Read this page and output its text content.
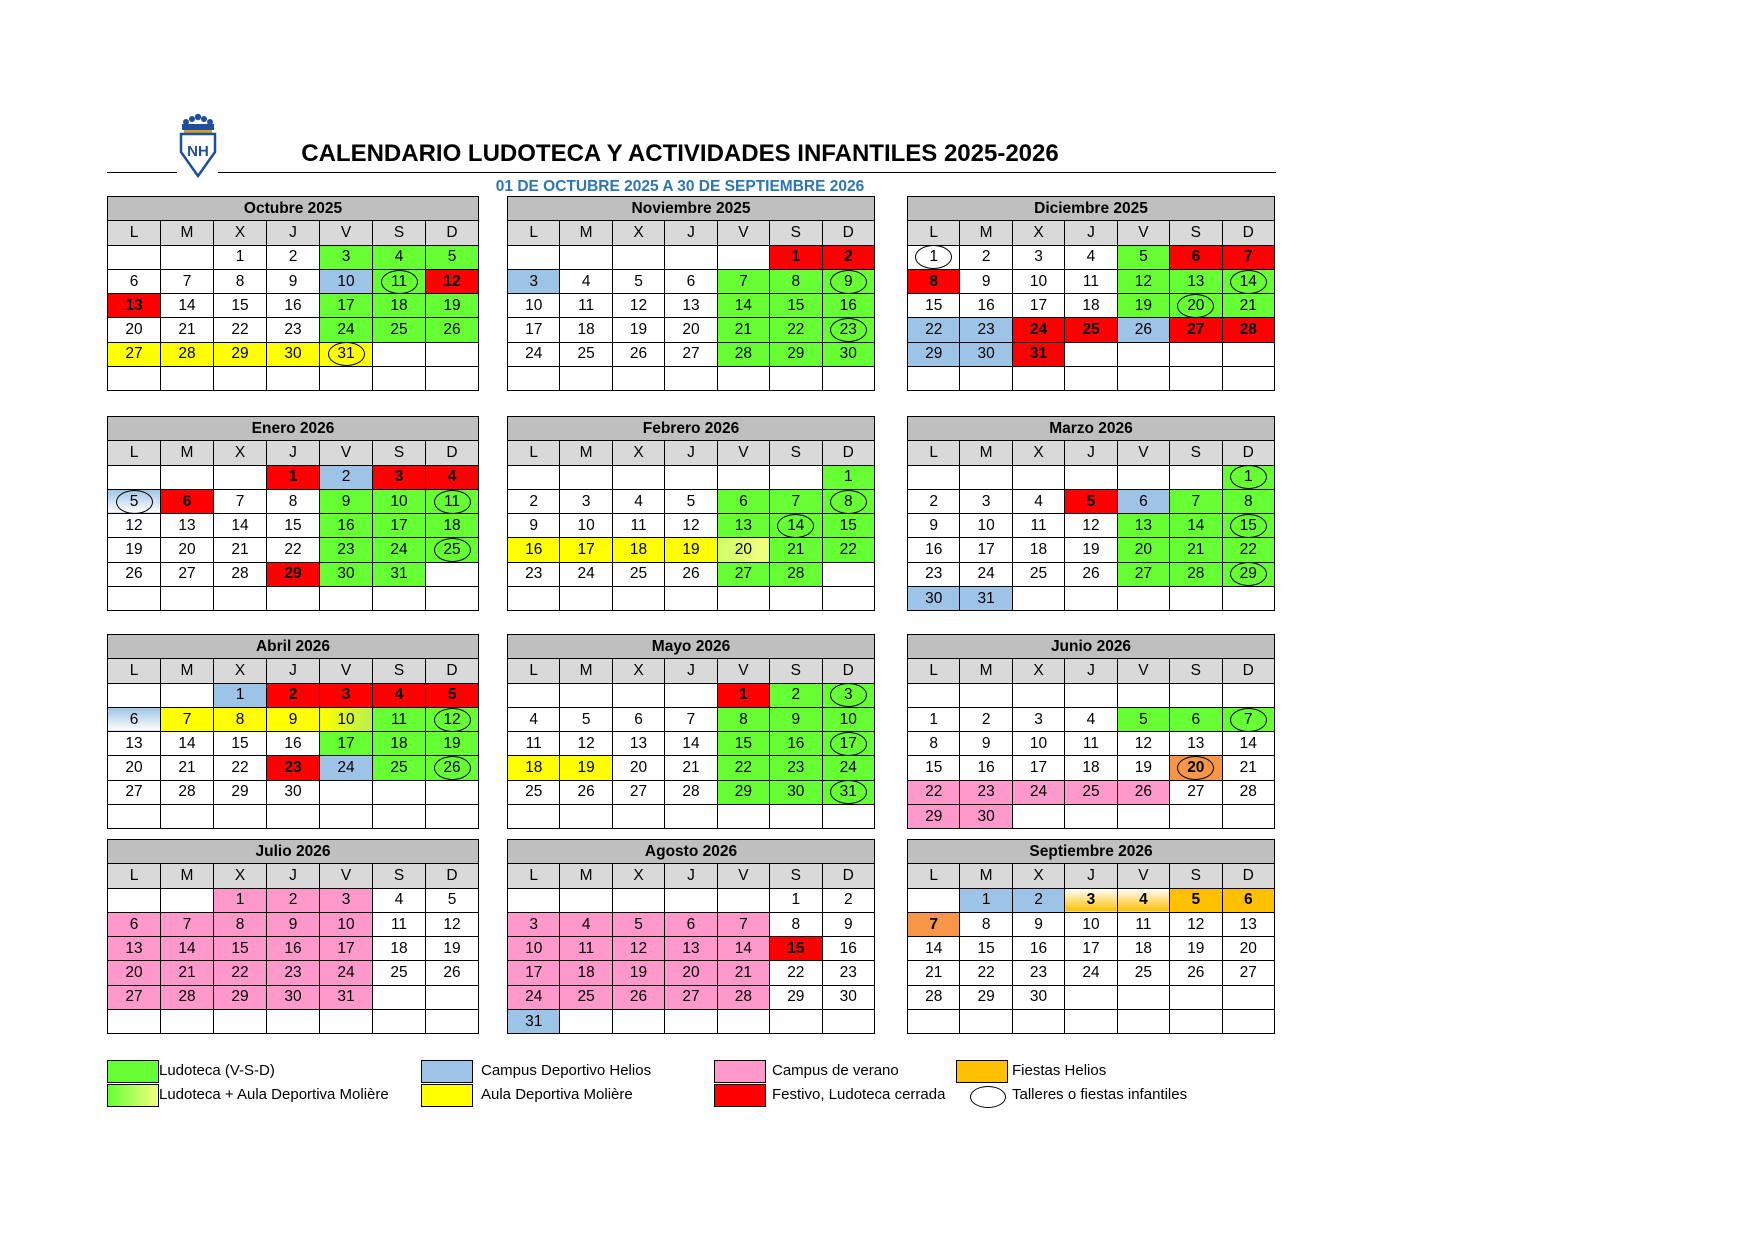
NH	CALENDARIO LUDOTECA Y ACTIVIDADES INFANTILES 2025-2026
01 DE OCTUBRE 2025 A 30 DE SEPTIEMBRE 2026
Octubre 2025						
L	M	X	J	V	S	D
		1	2	3	4	5
6	7	8	9	10	11	12
13	14	15	16	17	18	19
20	21	22	23	24	25	26
27	28	29	30	31		

Noviembre 2025						
L	M	X	J	V	S	D
					1	2
3	4	5	6	7	8	9
10	11	12	13	14	15	16
17	18	19	20	21	22	23
24	25	26	27	28	29	30

Diciembre 2025						
L	M	X	J	V	S	D
1	2	3	4	5	6	7
8	9	10	11	12	13	14
15	16	17	18	19	20	21
22	23	24	25	26	27	28
29	30	31				

Enero 2026						
L	M	X	J	V	S	D
			1	2	3	4
5	6	7	8	9	10	11
12	13	14	15	16	17	18
19	20	21	22	23	24	25
26	27	28	29	30	31	

Febrero 2026						
L	M	X	J	V	S	D
						1
2	3	4	5	6	7	8
9	10	11	12	13	14	15
16	17	18	19	20	21	22
23	24	25	26	27	28	

Marzo 2026						
L	M	X	J	V	S	D
						1
2	3	4	5	6	7	8
9	10	11	12	13	14	15
16	17	18	19	20	21	22
23	24	25	26	27	28	29
30	31					
Abril 2026						
L	M	X	J	V	S	D
		1	2	3	4	5
6	7	8	9	10	11	12
13	14	15	16	17	18	19
20	21	22	23	24	25	26
27	28	29	30			

Mayo 2026						
L	M	X	J	V	S	D
				1	2	3
4	5	6	7	8	9	10
11	12	13	14	15	16	17
18	19	20	21	22	23	24
25	26	27	28	29	30	31

Junio 2026						
L	M	X	J	V	S	D

1	2	3	4	5	6	7
8	9	10	11	12	13	14
15	16	17	18	19	20	21
22	23	24	25	26	27	28
29	30					
Julio 2026						
L	M	X	J	V	S	D
		1	2	3	4	5
6	7	8	9	10	11	12
13	14	15	16	17	18	19
20	21	22	23	24	25	26
27	28	29	30	31		

Agosto 2026						
L	M	X	J	V	S	D
					1	2
3	4	5	6	7	8	9
10	11	12	13	14	15	16
17	18	19	20	21	22	23
24	25	26	27	28	29	30
31						
Septiembre 2026						
L	M	X	J	V	S	D
	1	2	3	4	5	6
7	8	9	10	11	12	13
14	15	16	17	18	19	20
21	22	23	24	25	26	27
28	29	30				

Ludoteca (V-S-D)
Ludoteca + Aula Deportiva Molière
Campus Deportivo Helios
Aula Deportiva Molière
Campus de verano
Festivo, Ludoteca cerrada
Fiestas Helios
Talleres o fiestas infantiles
